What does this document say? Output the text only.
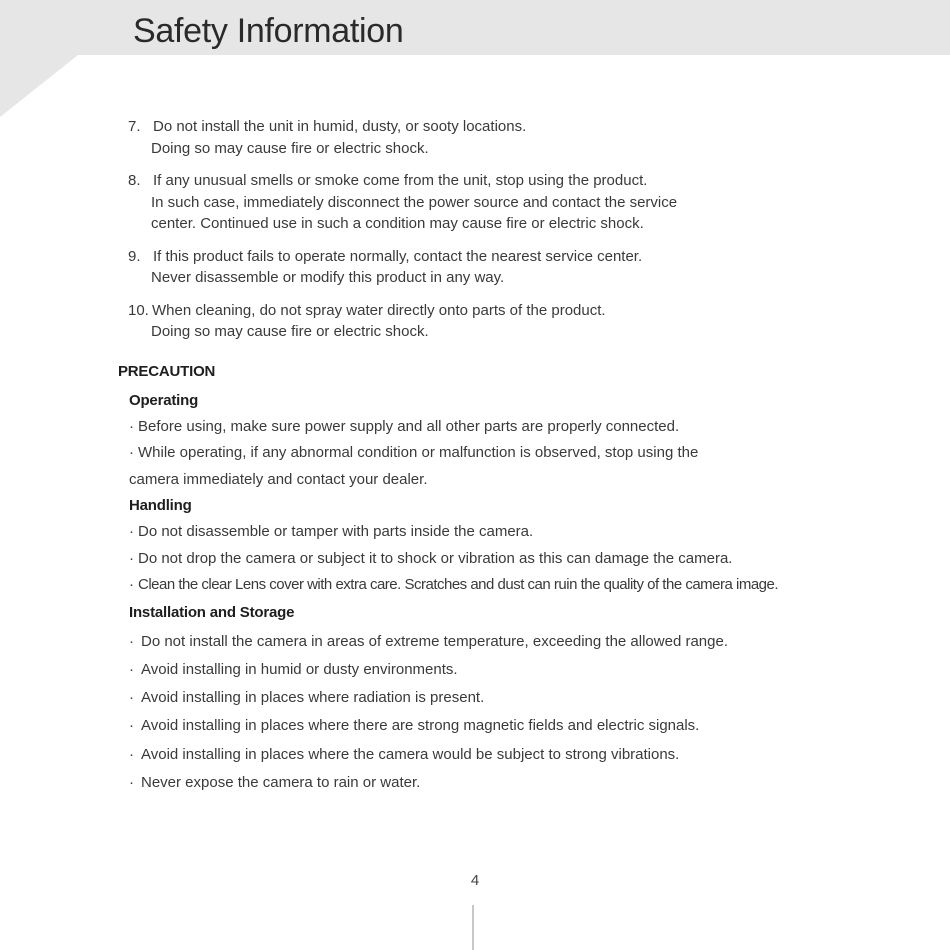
Safety Information
7. Do not install the unit in humid, dusty, or sooty locations.
Doing so may cause fire or electric shock.
8. If any unusual smells or smoke come from the unit, stop using the product.
In such case, immediately disconnect the power source and contact the service
center. Continued use in such a condition may cause fire or electric shock.
9. If this product fails to operate normally, contact the nearest service center.
Never disassemble or modify this product in any way.
10. When cleaning, do not spray water directly onto parts of the product.
Doing so may cause fire or electric shock.
PRECAUTION
Operating
· Before using, make sure power supply and all other parts are properly connected.
· While operating, if any abnormal condition or malfunction is observed, stop using the
camera immediately and contact your dealer.
Handling
· Do not disassemble or tamper with parts inside the camera.
· Do not drop the camera or subject it to shock or vibration as this can damage the camera.
· Clean the clear Lens cover with extra care. Scratches and dust can ruin the quality of the camera image.
Installation and Storage
· Do not install the camera in areas of extreme temperature, exceeding the allowed range.
· Avoid installing in humid or dusty environments.
· Avoid installing in places where radiation is present.
· Avoid installing in places where there are strong magnetic fields and electric signals.
· Avoid installing in places where the camera would be subject to strong vibrations.
· Never expose the camera to rain or water.
4
